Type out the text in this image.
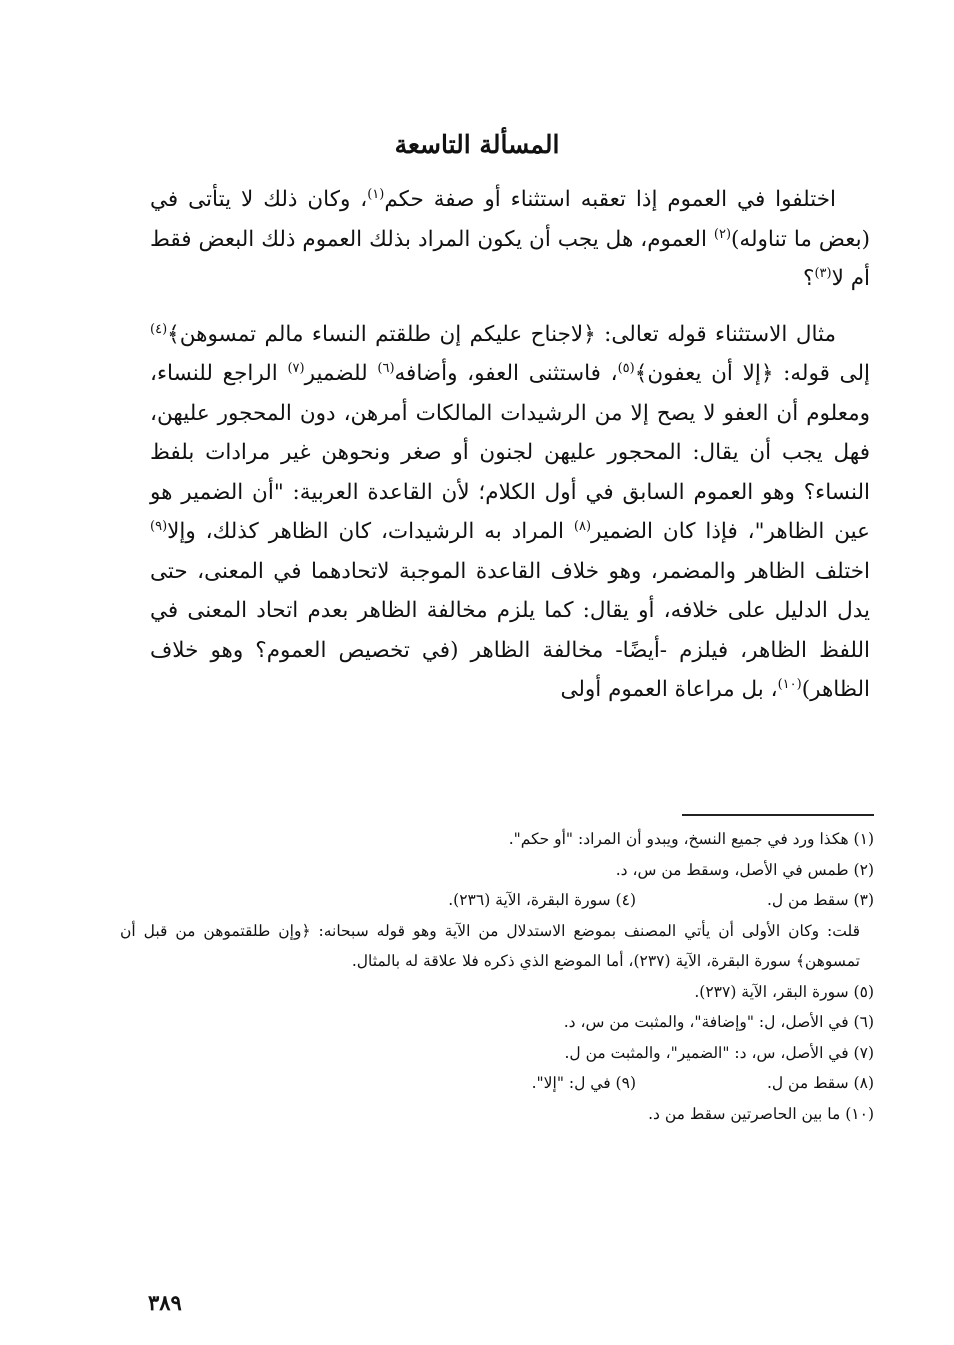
المسألة التاسعة

اختلفوا في العموم إذا تعقبه استثناء أو صفة حكم$^{(١)}$، وكان ذلك لا يتأتى في (بعض ما تناوله)$^{(٢)}$ العموم، هل يجب أن يكون المراد بذلك العموم ذلك البعض فقط أم لا$^{(٣)}$؟

مثال الاستثناء قوله تعالى: ﴿لاجناح عليكم إن طلقتم النساء مالم تمسوهن﴾$^{(٤)}$ إلى قوله: ﴿إلا أن يعفون﴾$^{(٥)}$، فاستثنى العفو، وأضافه$^{(٦)}$ للضمير$^{(٧)}$ الراجع للنساء، ومعلوم أن العفو لا يصح إلا من الرشيدات المالكات أمرهن، دون المحجور عليهن، فهل يجب أن يقال: المحجور عليهن لجنون أو صغر ونحوهن غير مرادات بلفظ النساء؟ وهو العموم السابق في أول الكلام؛ لأن القاعدة العربية: "أن الضمير هو عين الظاهر"، فإذا كان الضمير$^{(٨)}$ المراد به الرشيدات، كان الظاهر كذلك، وإلا$^{(٩)}$ اختلف الظاهر والمضمر، وهو خلاف القاعدة الموجبة لاتحادهما في المعنى، حتى يدل الدليل على خلافه، أو يقال: كما يلزم مخالفة الظاهر بعدم اتحاد المعنى في اللفظ الظاهر، فيلزم -أيضًا- مخالفة الظاهر (في تخصيص العموم؟ وهو خلاف الظاهر)$^{(١٠)}$، بل مراعاة العموم أولى

(١) هكذا ورد في جميع النسخ، ويبدو أن المراد: "أو حكم".
(٢) طمس في الأصل، وسقط من س، د.
(٣) سقط من ل.
(٤) سورة البقرة، الآية (٢٣٦).
قلت: وكان الأولى أن يأتي المصنف بموضع الاستدلال من الآية وهو قوله سبحانه: ﴿وإن طلقتموهن من قبل أن تمسوهن﴾ سورة البقرة، الآية (٢٣٧)، أما الموضع الذي ذكره فلا علاقة له بالمثال.
(٥) سورة البقر، الآية (٢٣٧).
(٦) في الأصل، ل: "وإضافة"، والمثبت من س، د.
(٧) في الأصل، س، د: "الضمير"، والمثبت من ل.
(٨) سقط من ل.
(٩) في ل: "إلا".
(١٠) ما بين الحاصرتين سقط من د.
٣٨٩
